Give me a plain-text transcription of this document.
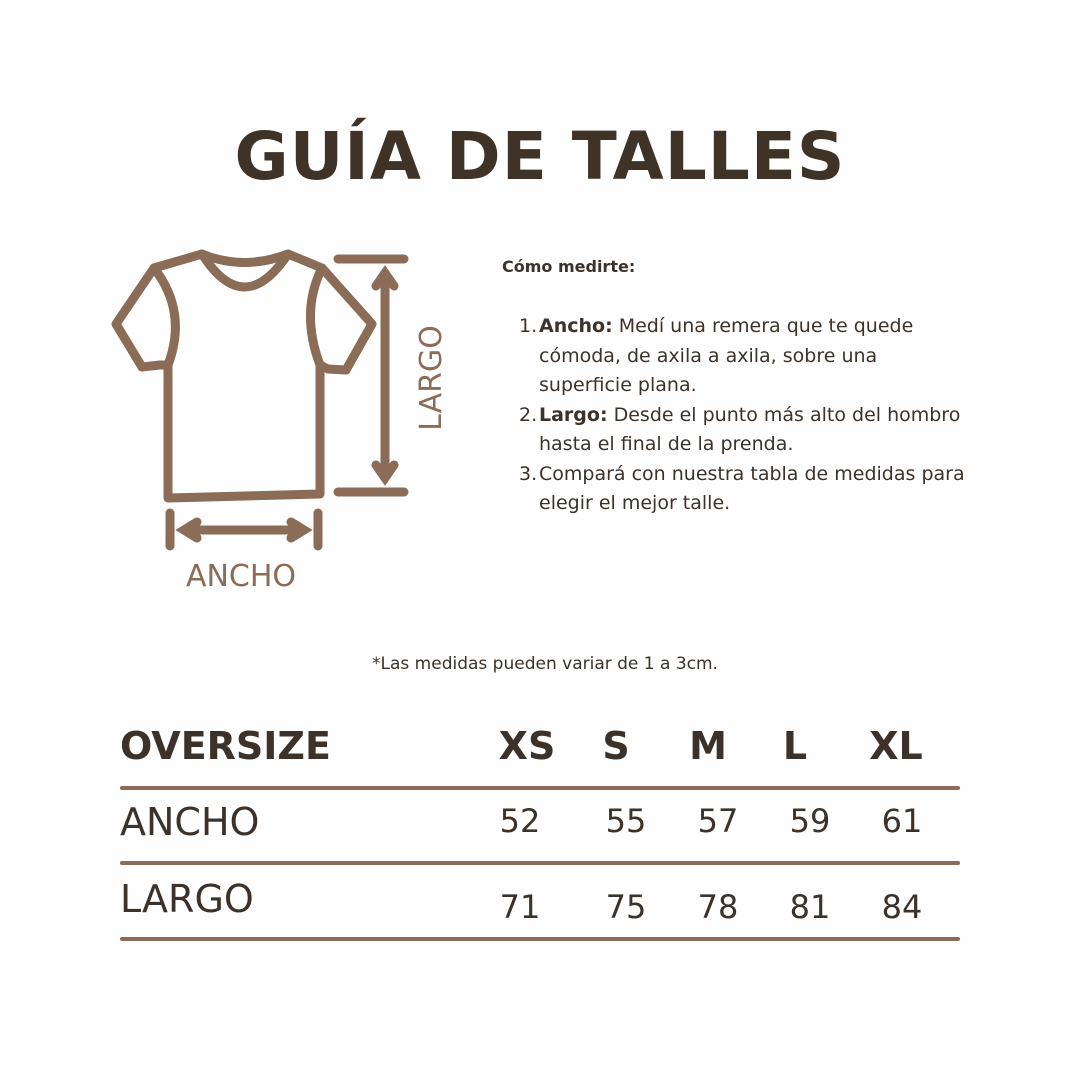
GUÍA DE TALLES
LARGO
ANCHO
Cómo medirte:
1. Ancho: Medí una remera que te quede cómoda, de axila a axila, sobre una superficie plana.
2. Largo: Desde el punto más alto del hombro hasta el final de la prenda.
3. Compará con nuestra tabla de medidas para elegir el mejor talle.
*Las medidas pueden variar de 1 a 3cm.
OVERSIZE	XS	S	M	L	XL
ANCHO	52	55	57	59	61
LARGO	71	75	78	81	84
